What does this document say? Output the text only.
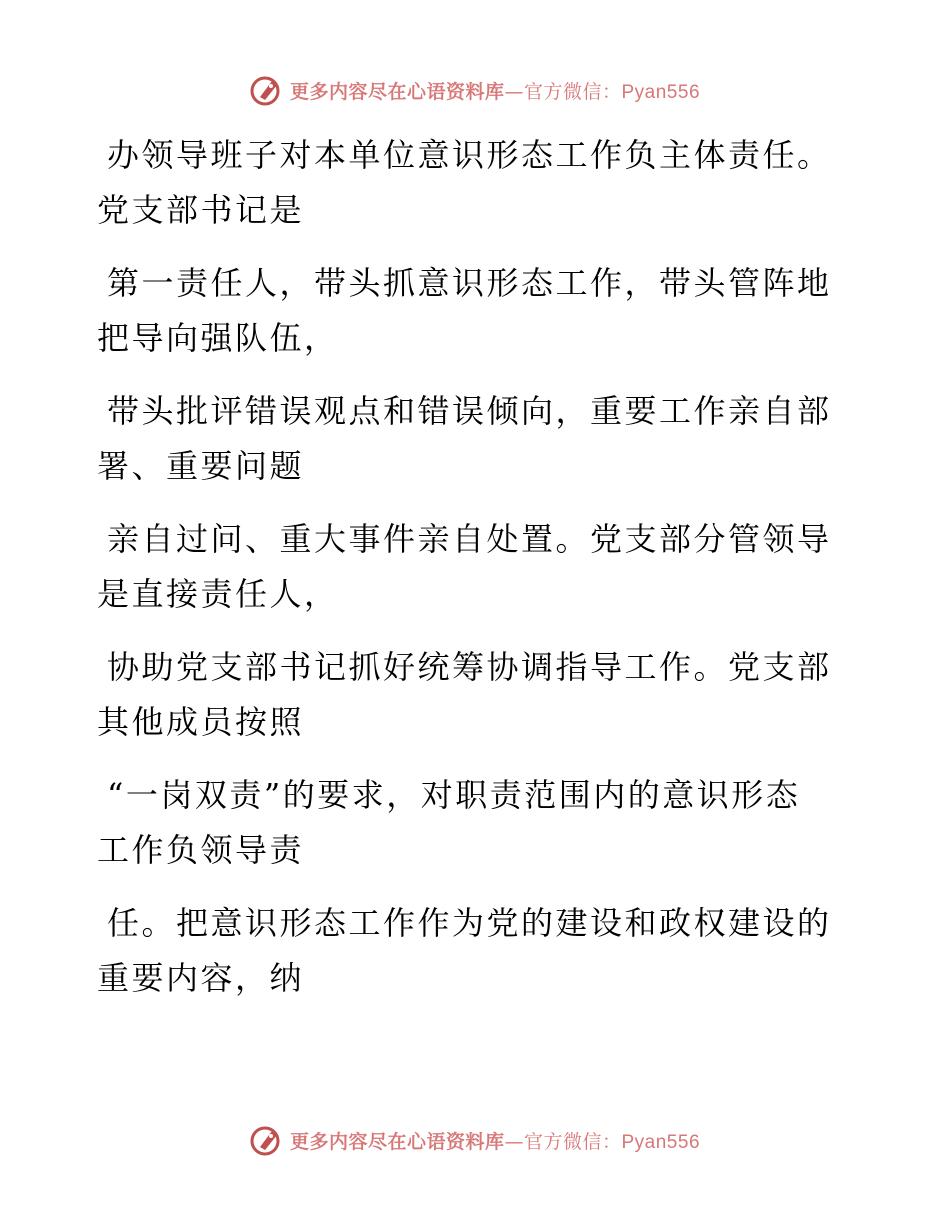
更多内容尽在心语资料库—官方微信：Pyan556
办领导班子对本单位意识形态工作负主体责任。
党支部书记是
第一责任人，带头抓意识形态工作，带头管阵地
把导向强队伍，
带头批评错误观点和错误倾向，重要工作亲自部
署、重要问题
亲自过问、重大事件亲自处置。党支部分管领导
是直接责任人，
协助党支部书记抓好统筹协调指导工作。党支部
其他成员按照
“一岗双责”的要求，对职责范围内的意识形态
工作负领导责
任。把意识形态工作作为党的建设和政权建设的
重要内容，纳
更多内容尽在心语资料库—官方微信：Pyan556
